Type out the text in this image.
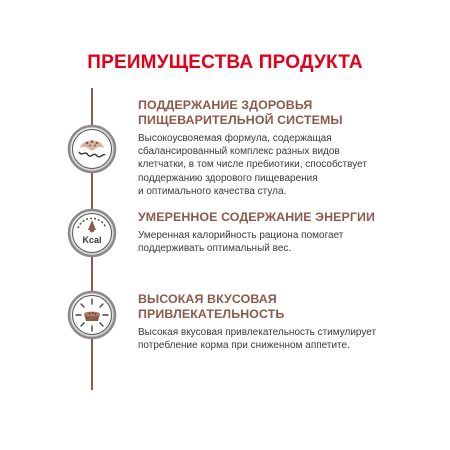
ПРЕИМУЩЕСТВА ПРОДУКТА
Kcal
ПОДДЕРЖАНИЕ ЗДОРОВЬЯ
ПИЩЕВАРИТЕЛЬНОЙ СИСТЕМЫ

Высокоусвояемая формула, содержащая
сбалансированный комплекс разных видов
клетчатки, в том числе пребиотики, способствует
поддержанию здорового пищеварения
и оптимального качества стула.

УМЕРЕННОЕ СОДЕРЖАНИЕ ЭНЕРГИИ

Умеренная калорийность рациона помогает
поддерживать оптимальный вес.

ВЫСОКАЯ ВКУСОВАЯ
ПРИВЛЕКАТЕЛЬНОСТЬ

Высокая вкусовая привлекательность стимулирует
потребление корма при сниженном аппетите.
